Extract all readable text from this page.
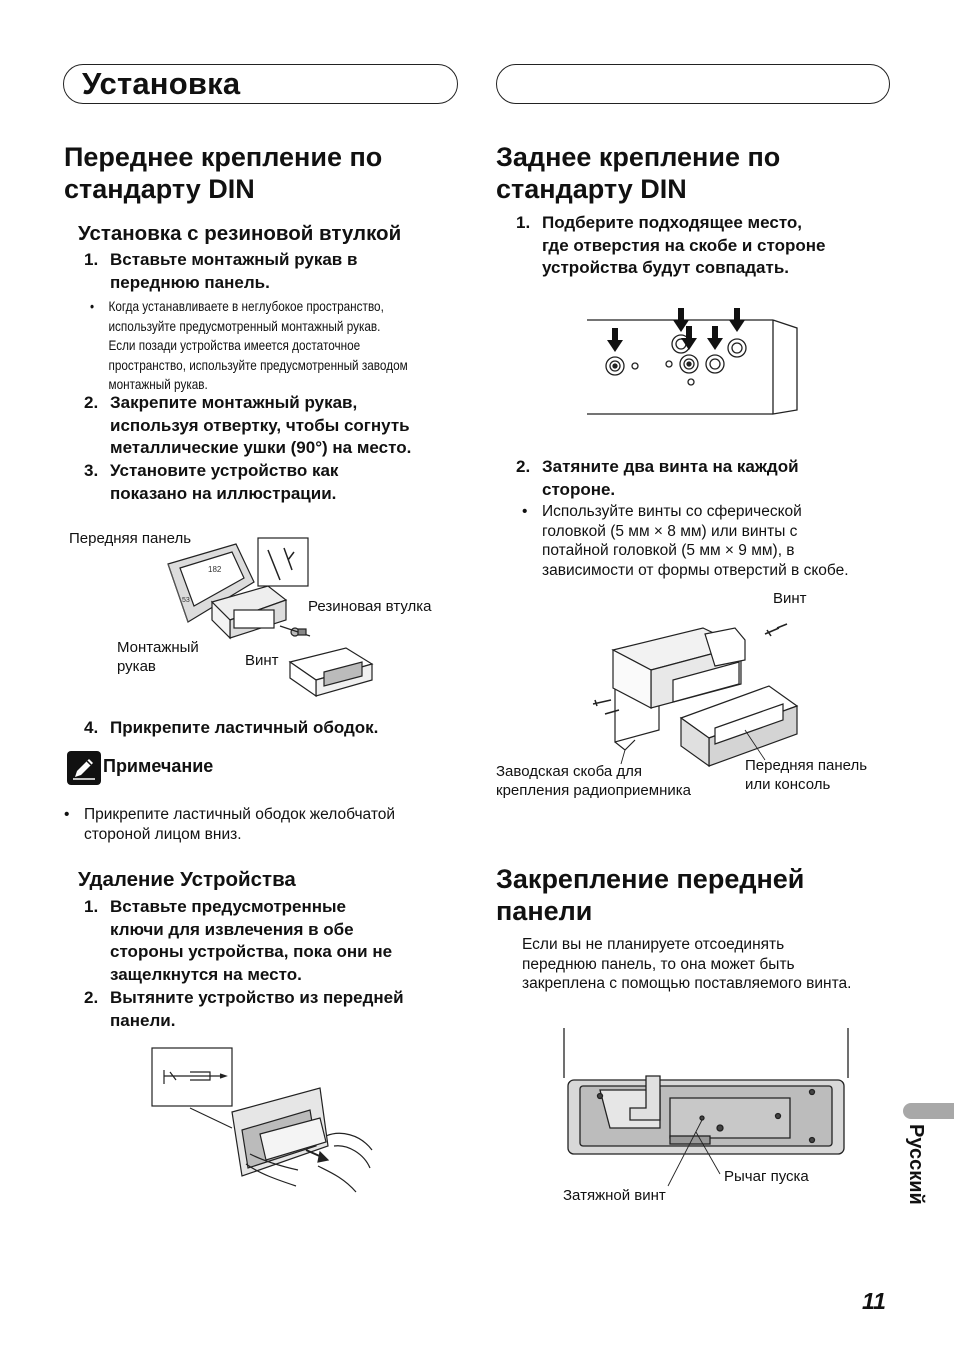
Установка
Переднее крепление по
стандарту DIN
Установка с резиновой втулкой
1. Вставьте монтажный рукав в
переднюю панель.
• Когда устанавливаете в неглубокое пространство,
используйте предусмотренный монтажный рукав.
Если позади устройства имеется достаточное
пространство, используйте предусмотренный заводом
монтажный рукав.
2. Закрепите монтажный рукав,
используя отвертку, чтобы согнуть
металлические ушки (90°) на место.
3. Установите устройство как
показано на иллюстрации.
Передняя панель
Резиновая втулка
Монтажный
рукав	Винт
182
53
4. Прикрепите ластичный ободок.
Примечание
• Прикрепите ластичный ободок желобчатой
стороной лицом вниз.
Удаление Устройства
1. Вставьте предусмотренные
ключи для извлечения в обе
стороны устройства, пока они не
защелкнутся на место.
2. Вытяните устройство из передней
панели.
Заднее крепление по
стандарту DIN
1. Подберите подходящее место,
где отверстия на скобе и стороне
устройства будут совпадать.
2. Затяните два винта на каждой
стороне.
• Используйте винты со сферической
головкой (5 мм × 8 мм) или винты с
потайной головкой (5 мм × 9 мм), в
зависимости от формы отверстий в скобе.
Винт
Заводская скоба для
крепления радиоприемника
Передняя панель
или консоль
Закрепление передней
панели
Если вы не планируете отсоединять
переднюю панель, то она может быть
закреплена с помощью поставляемого винта.
Рычаг пуска
Затяжной винт	Русский
11
